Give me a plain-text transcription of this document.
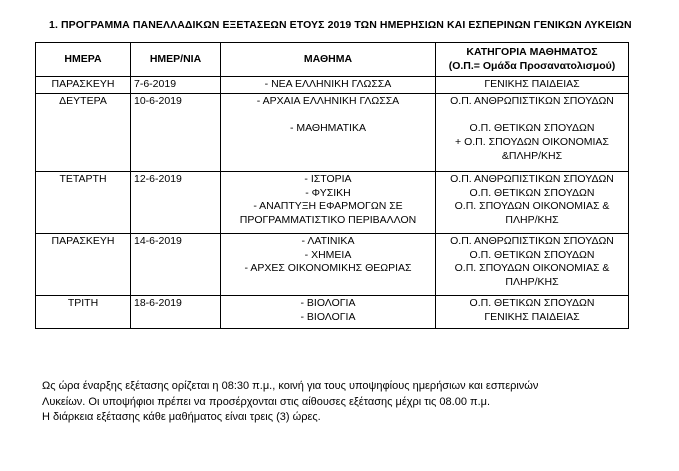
1. ΠΡΟΓΡΑΜΜΑ ΠΑΝΕΛΛΑΔΙΚΩΝ ΕΞΕΤΑΣΕΩΝ ΕΤΟΥΣ 2019 ΤΩΝ ΗΜΕΡΗΣΙΩΝ ΚΑΙ ΕΣΠΕΡΙΝΩΝ ΓΕΝΙΚΩΝ ΛΥΚΕΙΩΝ
ΗΜΕΡΑ	ΗΜΕΡ/ΝΙΑ	ΜΑΘΗΜΑ	ΚΑΤΗΓΟΡΙΑ ΜΑΘΗΜΑΤΟΣ
(Ο.Π.= Ομάδα Προσανατολισμού)

ΠΑΡΑΣΚΕΥΗ	7-6-2019	- ΝΕΑ ΕΛΛΗΝΙΚΗ ΓΛΩΣΣΑ	ΓΕΝΙΚΗΣ ΠΑΙΔΕΙΑΣ

ΔΕΥΤΕΡΑ	10-6-2019	- ΑΡΧΑΙΑ ΕΛΛΗΝΙΚΗ ΓΛΩΣΣΑ
- ΜΑΘΗΜΑΤΙΚΑ	Ο.Π. ΑΝΘΡΩΠΙΣΤΙΚΩΝ ΣΠΟΥΔΩΝ
Ο.Π. ΘΕΤΙΚΩΝ ΣΠΟΥΔΩΝ
+ Ο.Π. ΣΠΟΥΔΩΝ ΟΙΚΟΝΟΜΙΑΣ
&ΠΛΗΡ/ΚΗΣ

ΤΕΤΑΡΤΗ	12-6-2019	- ΙΣΤΟΡΙΑ
- ΦΥΣΙΚΗ
- ΑΝΑΠΤΥΞΗ ΕΦΑΡΜΟΓΩΝ ΣΕ ΠΡΟΓΡΑΜΜΑΤΙΣΤΙΚΟ ΠΕΡΙΒΑΛΛΟΝ	Ο.Π. ΑΝΘΡΩΠΙΣΤΙΚΩΝ ΣΠΟΥΔΩΝ
Ο.Π. ΘΕΤΙΚΩΝ ΣΠΟΥΔΩΝ
Ο.Π. ΣΠΟΥΔΩΝ ΟΙΚΟΝΟΜΙΑΣ &
ΠΛΗΡ/ΚΗΣ

ΠΑΡΑΣΚΕΥΗ	14-6-2019	- ΛΑΤΙΝΙΚΑ
- ΧΗΜΕΙΑ
- ΑΡΧΕΣ ΟΙΚΟΝΟΜΙΚΗΣ ΘΕΩΡΙΑΣ	Ο.Π. ΑΝΘΡΩΠΙΣΤΙΚΩΝ ΣΠΟΥΔΩΝ
Ο.Π. ΘΕΤΙΚΩΝ ΣΠΟΥΔΩΝ
Ο.Π. ΣΠΟΥΔΩΝ ΟΙΚΟΝΟΜΙΑΣ &
ΠΛΗΡ/ΚΗΣ

ΤΡΙΤΗ	18-6-2019	- ΒΙΟΛΟΓΙΑ
- ΒΙΟΛΟΓΙΑ	Ο.Π. ΘΕΤΙΚΩΝ ΣΠΟΥΔΩΝ
ΓΕΝΙΚΗΣ ΠΑΙΔΕΙΑΣ

Ως ώρα έναρξης εξέτασης ορίζεται η 08:30 π.μ., κοινή για τους υποψηφίους ημερήσιων και εσπερινών

Λυκείων. Οι υποψήφιοι πρέπει να προσέρχονται στις αίθουσες εξέτασης μέχρι τις 08.00 π.μ.

Η διάρκεια εξέτασης κάθε μαθήματος είναι τρεις (3) ώρες.
